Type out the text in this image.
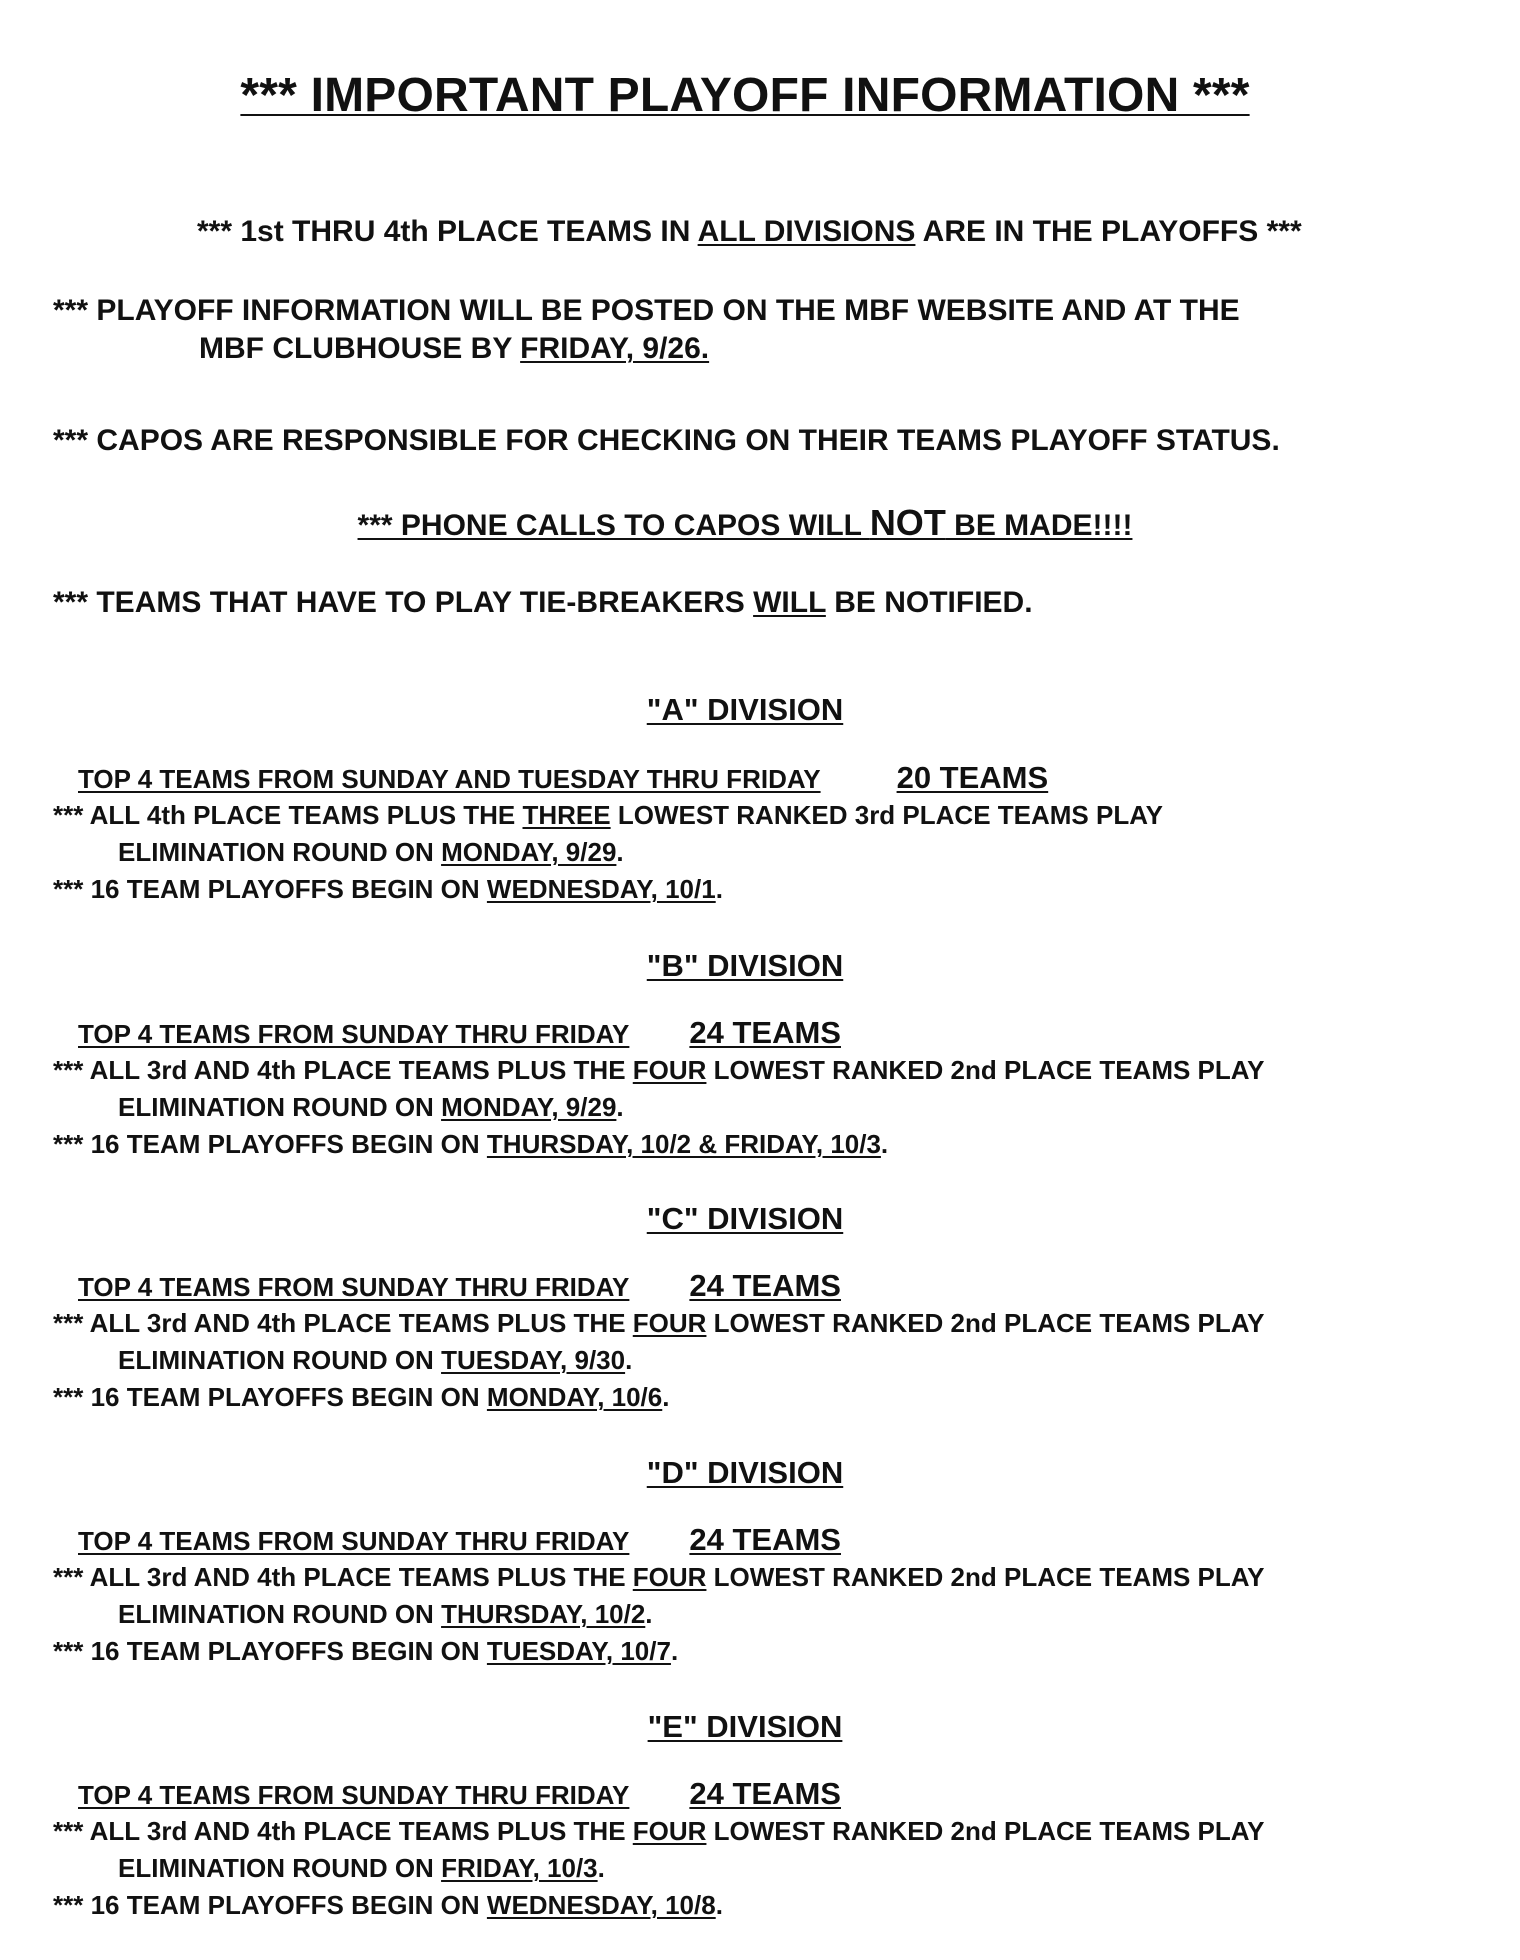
*** IMPORTANT PLAYOFF INFORMATION ***
*** 1st THRU 4th PLACE TEAMS IN ALL DIVISIONS ARE IN THE PLAYOFFS ***
*** PLAYOFF INFORMATION WILL BE POSTED ON THE MBF WEBSITE AND AT THE
MBF CLUBHOUSE BY FRIDAY, 9/26.
*** CAPOS ARE RESPONSIBLE FOR CHECKING ON THEIR TEAMS PLAYOFF STATUS.
*** PHONE CALLS TO CAPOS WILL NOT BE MADE!!!!
*** TEAMS THAT HAVE TO PLAY TIE-BREAKERS WILL BE NOTIFIED.
"A" DIVISION
TOP 4 TEAMS FROM SUNDAY AND TUESDAY THRU FRIDAY 20 TEAMS
*** ALL 4th PLACE TEAMS PLUS THE THREE LOWEST RANKED 3rd PLACE TEAMS PLAY
ELIMINATION ROUND ON MONDAY, 9/29.
*** 16 TEAM PLAYOFFS BEGIN ON WEDNESDAY, 10/1.
"B" DIVISION
TOP 4 TEAMS FROM SUNDAY THRU FRIDAY 24 TEAMS
*** ALL 3rd AND 4th PLACE TEAMS PLUS THE FOUR LOWEST RANKED 2nd PLACE TEAMS PLAY
ELIMINATION ROUND ON MONDAY, 9/29.
*** 16 TEAM PLAYOFFS BEGIN ON THURSDAY, 10/2 & FRIDAY, 10/3.
"C" DIVISION
TOP 4 TEAMS FROM SUNDAY THRU FRIDAY 24 TEAMS
*** ALL 3rd AND 4th PLACE TEAMS PLUS THE FOUR LOWEST RANKED 2nd PLACE TEAMS PLAY
ELIMINATION ROUND ON TUESDAY, 9/30.
*** 16 TEAM PLAYOFFS BEGIN ON MONDAY, 10/6.
"D" DIVISION
TOP 4 TEAMS FROM SUNDAY THRU FRIDAY 24 TEAMS
*** ALL 3rd AND 4th PLACE TEAMS PLUS THE FOUR LOWEST RANKED 2nd PLACE TEAMS PLAY
ELIMINATION ROUND ON THURSDAY, 10/2.
*** 16 TEAM PLAYOFFS BEGIN ON TUESDAY, 10/7.
"E" DIVISION
TOP 4 TEAMS FROM SUNDAY THRU FRIDAY 24 TEAMS
*** ALL 3rd AND 4th PLACE TEAMS PLUS THE FOUR LOWEST RANKED 2nd PLACE TEAMS PLAY
ELIMINATION ROUND ON FRIDAY, 10/3.
*** 16 TEAM PLAYOFFS BEGIN ON WEDNESDAY, 10/8.
